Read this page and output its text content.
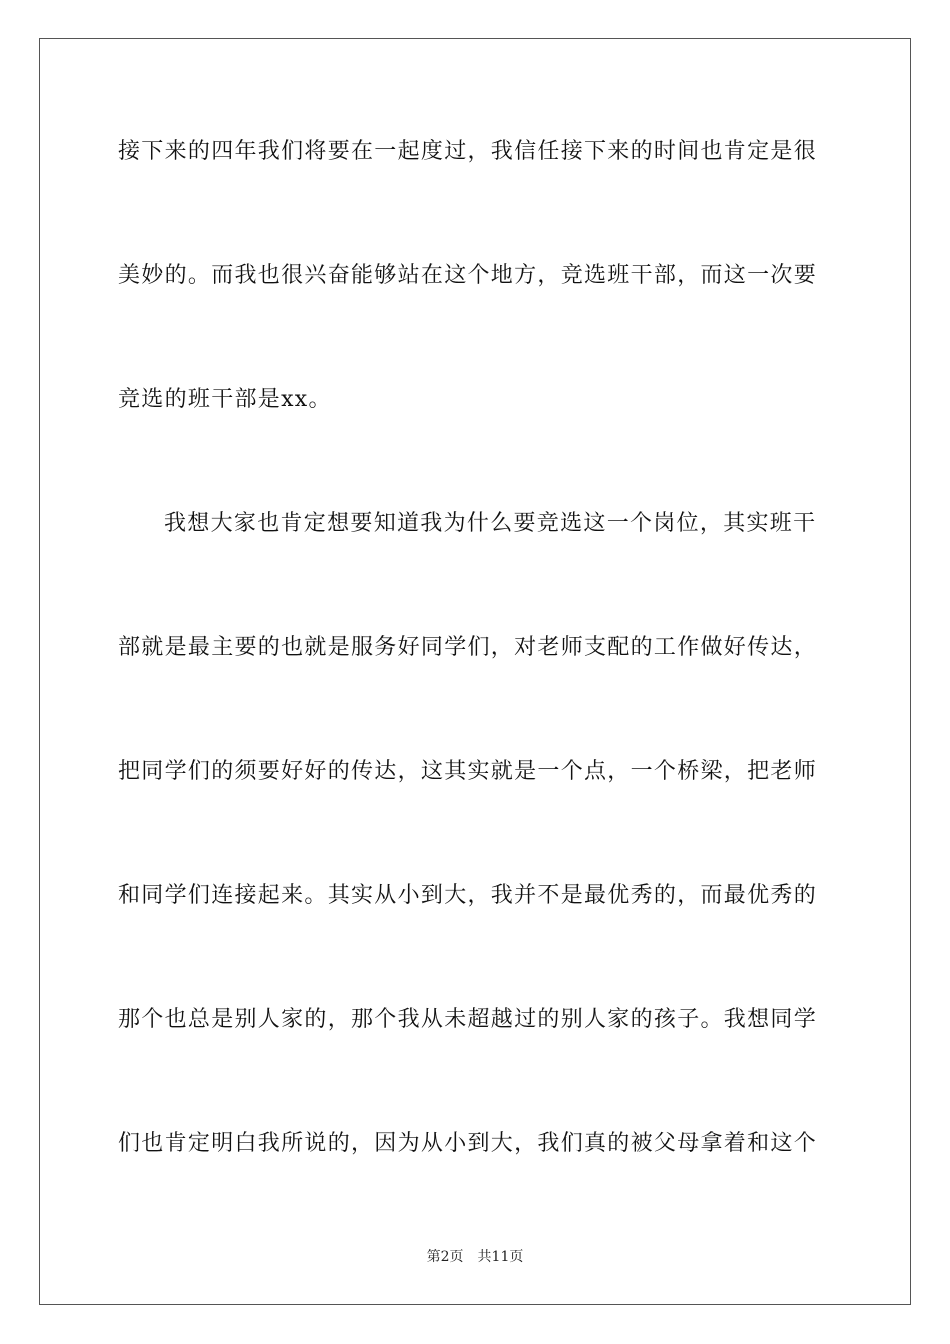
接下来的四年我们将要在一起度过，我信任接下来的时间也肯定是很
美妙的。而我也很兴奋能够站在这个地方，竞选班干部，而这一次要
竞选的班干部是xx。
我想大家也肯定想要知道我为什么要竞选这一个岗位，其实班干
部就是最主要的也就是服务好同学们，对老师支配的工作做好传达，
把同学们的须要好好的传达，这其实就是一个点，一个桥梁，把老师
和同学们连接起来。其实从小到大，我并不是最优秀的，而最优秀的
那个也总是别人家的，那个我从未超越过的别人家的孩子。我想同学
们也肯定明白我所说的，因为从小到大，我们真的被父母拿着和这个
第2页 共11页
